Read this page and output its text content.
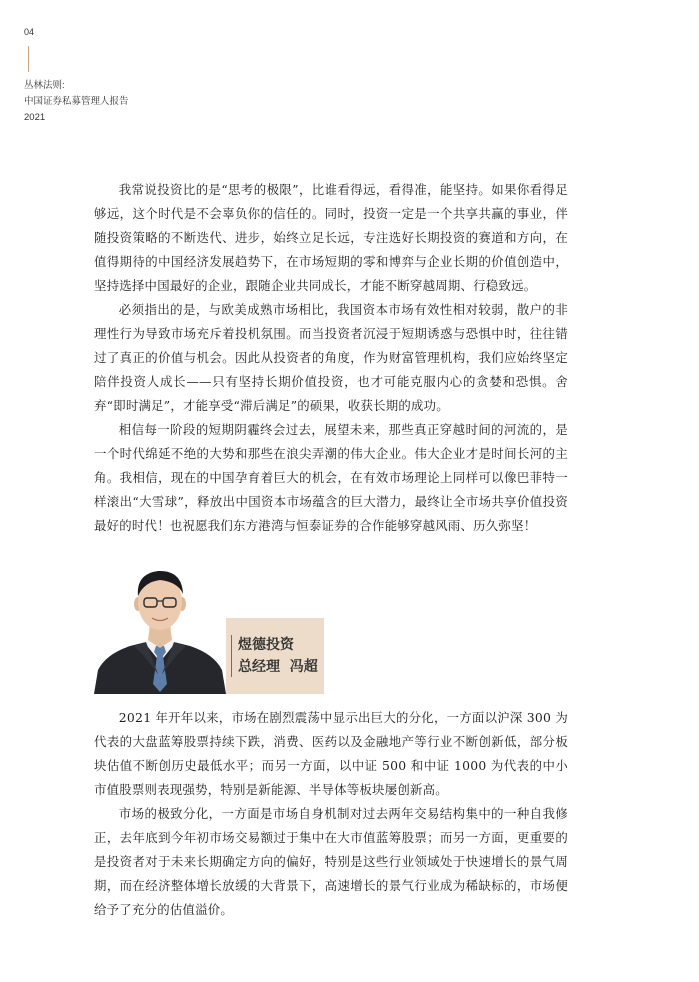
04
丛林法则:
中国证券私募管理人报告
2021

我常说投资比的是“思考的极限”，比谁看得远，看得准，能坚持。如果你看得足够远，这个时代是不会辜负你的信任的。同时，投资一定是一个共享共赢的事业，伴随投资策略的不断迭代、进步，始终立足长远，专注选好长期投资的赛道和方向，在值得期待的中国经济发展趋势下，在市场短期的零和博弈与企业长期的价值创造中，坚持选择中国最好的企业，跟随企业共同成长，才能不断穿越周期、行稳致远。

必须指出的是，与欧美成熟市场相比，我国资本市场有效性相对较弱，散户的非理性行为导致市场充斥着投机氛围。而当投资者沉浸于短期诱惑与恐惧中时，往往错过了真正的价值与机会。因此从投资者的角度，作为财富管理机构，我们应始终坚定陪伴投资人成长——只有坚持长期价值投资，也才可能克服内心的贪婪和恐惧。舍弃“即时满足”，才能享受“滞后满足”的硕果，收获长期的成功。

相信每一阶段的短期阴霾终会过去，展望未来，那些真正穿越时间的河流的，是一个时代绵延不绝的大势和那些在浪尖弄潮的伟大企业。伟大企业才是时间长河的主角。我相信，现在的中国孕育着巨大的机会，在有效市场理论上同样可以像巴菲特一样滚出“大雪球”，释放出中国资本市场蕴含的巨大潜力，最终让全市场共享价值投资最好的时代！也祝愿我们东方港湾与恒泰证券的合作能够穿越风雨、历久弥坚！

煜德投资
总经理  冯超

2021 年开年以来，市场在剧烈震荡中显示出巨大的分化，一方面以沪深 300 为代表的大盘蓝筹股票持续下跌，消费、医药以及金融地产等行业不断创新低，部分板块估值不断创历史最低水平；而另一方面，以中证 500 和中证 1000 为代表的中小市值股票则表现强势，特别是新能源、半导体等板块屡创新高。

市场的极致分化，一方面是市场自身机制对过去两年交易结构集中的一种自我修正，去年底到今年初市场交易额过于集中在大市值蓝筹股票；而另一方面，更重要的是投资者对于未来长期确定方向的偏好，特别是这些行业领域处于快速增长的景气周期，而在经济整体增长放缓的大背景下，高速增长的景气行业成为稀缺标的，市场便给予了充分的估值溢价。
